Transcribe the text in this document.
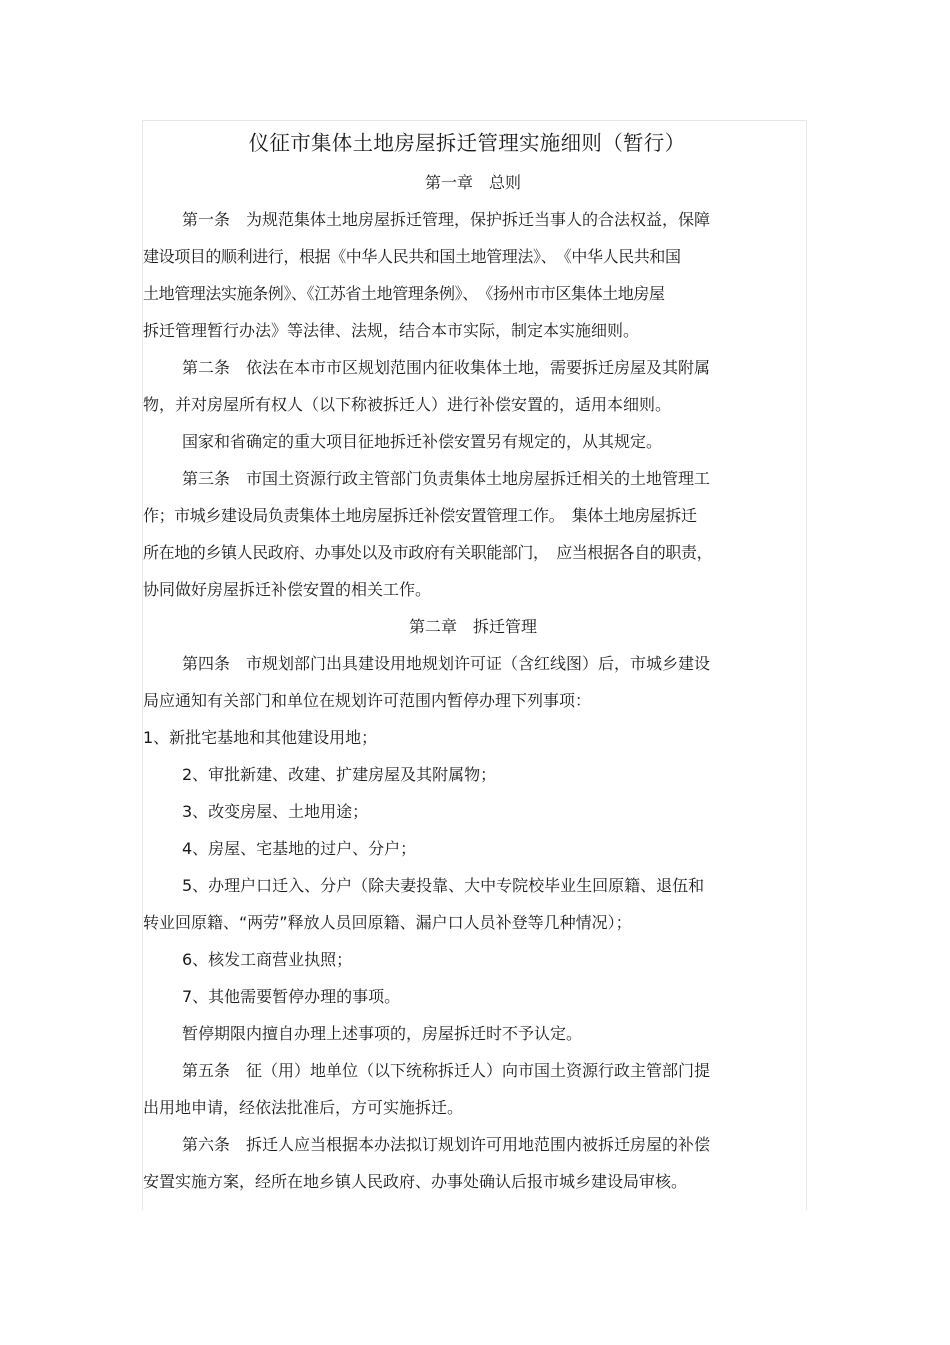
仪征市集体土地房屋拆迁管理实施细则（暂行）
第一章　总则
第一条　为规范集体土地房屋拆迁管理，保护拆迁当事人的合法权益，保障
建设项目的顺利进行，根据《中华人民共和国土地管理法》、　《中华人民共和国
土地管理法实施条例》、《江苏省土地管理条例》、　《扬州市市区集体土地房屋
拆迁管理暂行办法》等法律、法规，结合本市实际，制定本实施细则。
第二条　依法在本市市区规划范围内征收集体土地，需要拆迁房屋及其附属
物，并对房屋所有权人（以下称被拆迁人）进行补偿安置的，适用本细则。
国家和省确定的重大项目征地拆迁补偿安置另有规定的，从其规定。
第三条　市国土资源行政主管部门负责集体土地房屋拆迁相关的土地管理工
作；市城乡建设局负责集体土地房屋拆迁补偿安置管理工作。　集体土地房屋拆迁
所在地的乡镇人民政府、办事处以及市政府有关职能部门，　应当根据各自的职责，
协同做好房屋拆迁补偿安置的相关工作。
第二章　拆迁管理
第四条　市规划部门出具建设用地规划许可证（含红线图）后，市城乡建设
局应通知有关部门和单位在规划许可范围内暂停办理下列事项：
1、新批宅基地和其他建设用地；
2、审批新建、改建、扩建房屋及其附属物；
3、改变房屋、土地用途；
4、房屋、宅基地的过户、分户；
5、办理户口迁入、分户（除夫妻投靠、大中专院校毕业生回原籍、退伍和
转业回原籍、“两劳”释放人员回原籍、漏户口人员补登等几种情况）；
6、核发工商营业执照；
7、其他需要暂停办理的事项。
暂停期限内擅自办理上述事项的，房屋拆迁时不予认定。
第五条　征（用）地单位（以下统称拆迁人）向市国土资源行政主管部门提
出用地申请，经依法批准后，方可实施拆迁。
第六条　拆迁人应当根据本办法拟订规划许可用地范围内被拆迁房屋的补偿
安置实施方案，经所在地乡镇人民政府、办事处确认后报市城乡建设局审核。
